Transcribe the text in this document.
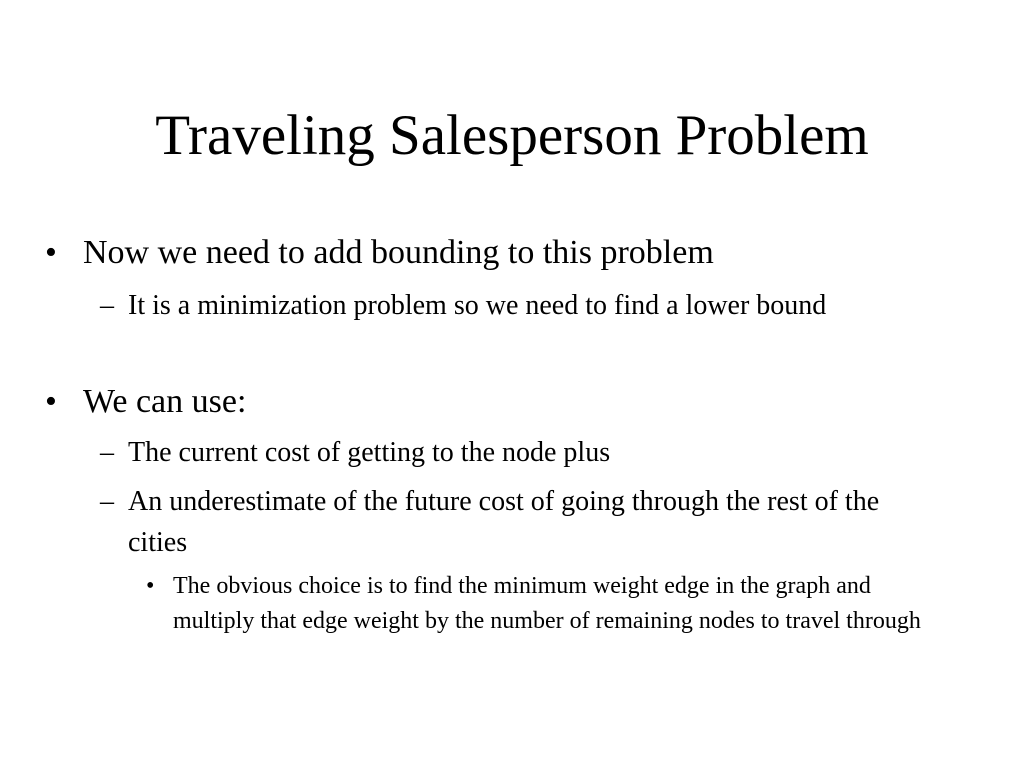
Traveling Salesperson Problem
• Now we need to add bounding to this problem
– It is a minimization problem so we need to find a lower bound
• We can use:
– The current cost of getting to the node plus
– An underestimate of the future cost of going through the rest of the cities
• The obvious choice is to find the minimum weight edge in the graph and multiply that edge weight by the number of remaining nodes to travel through
